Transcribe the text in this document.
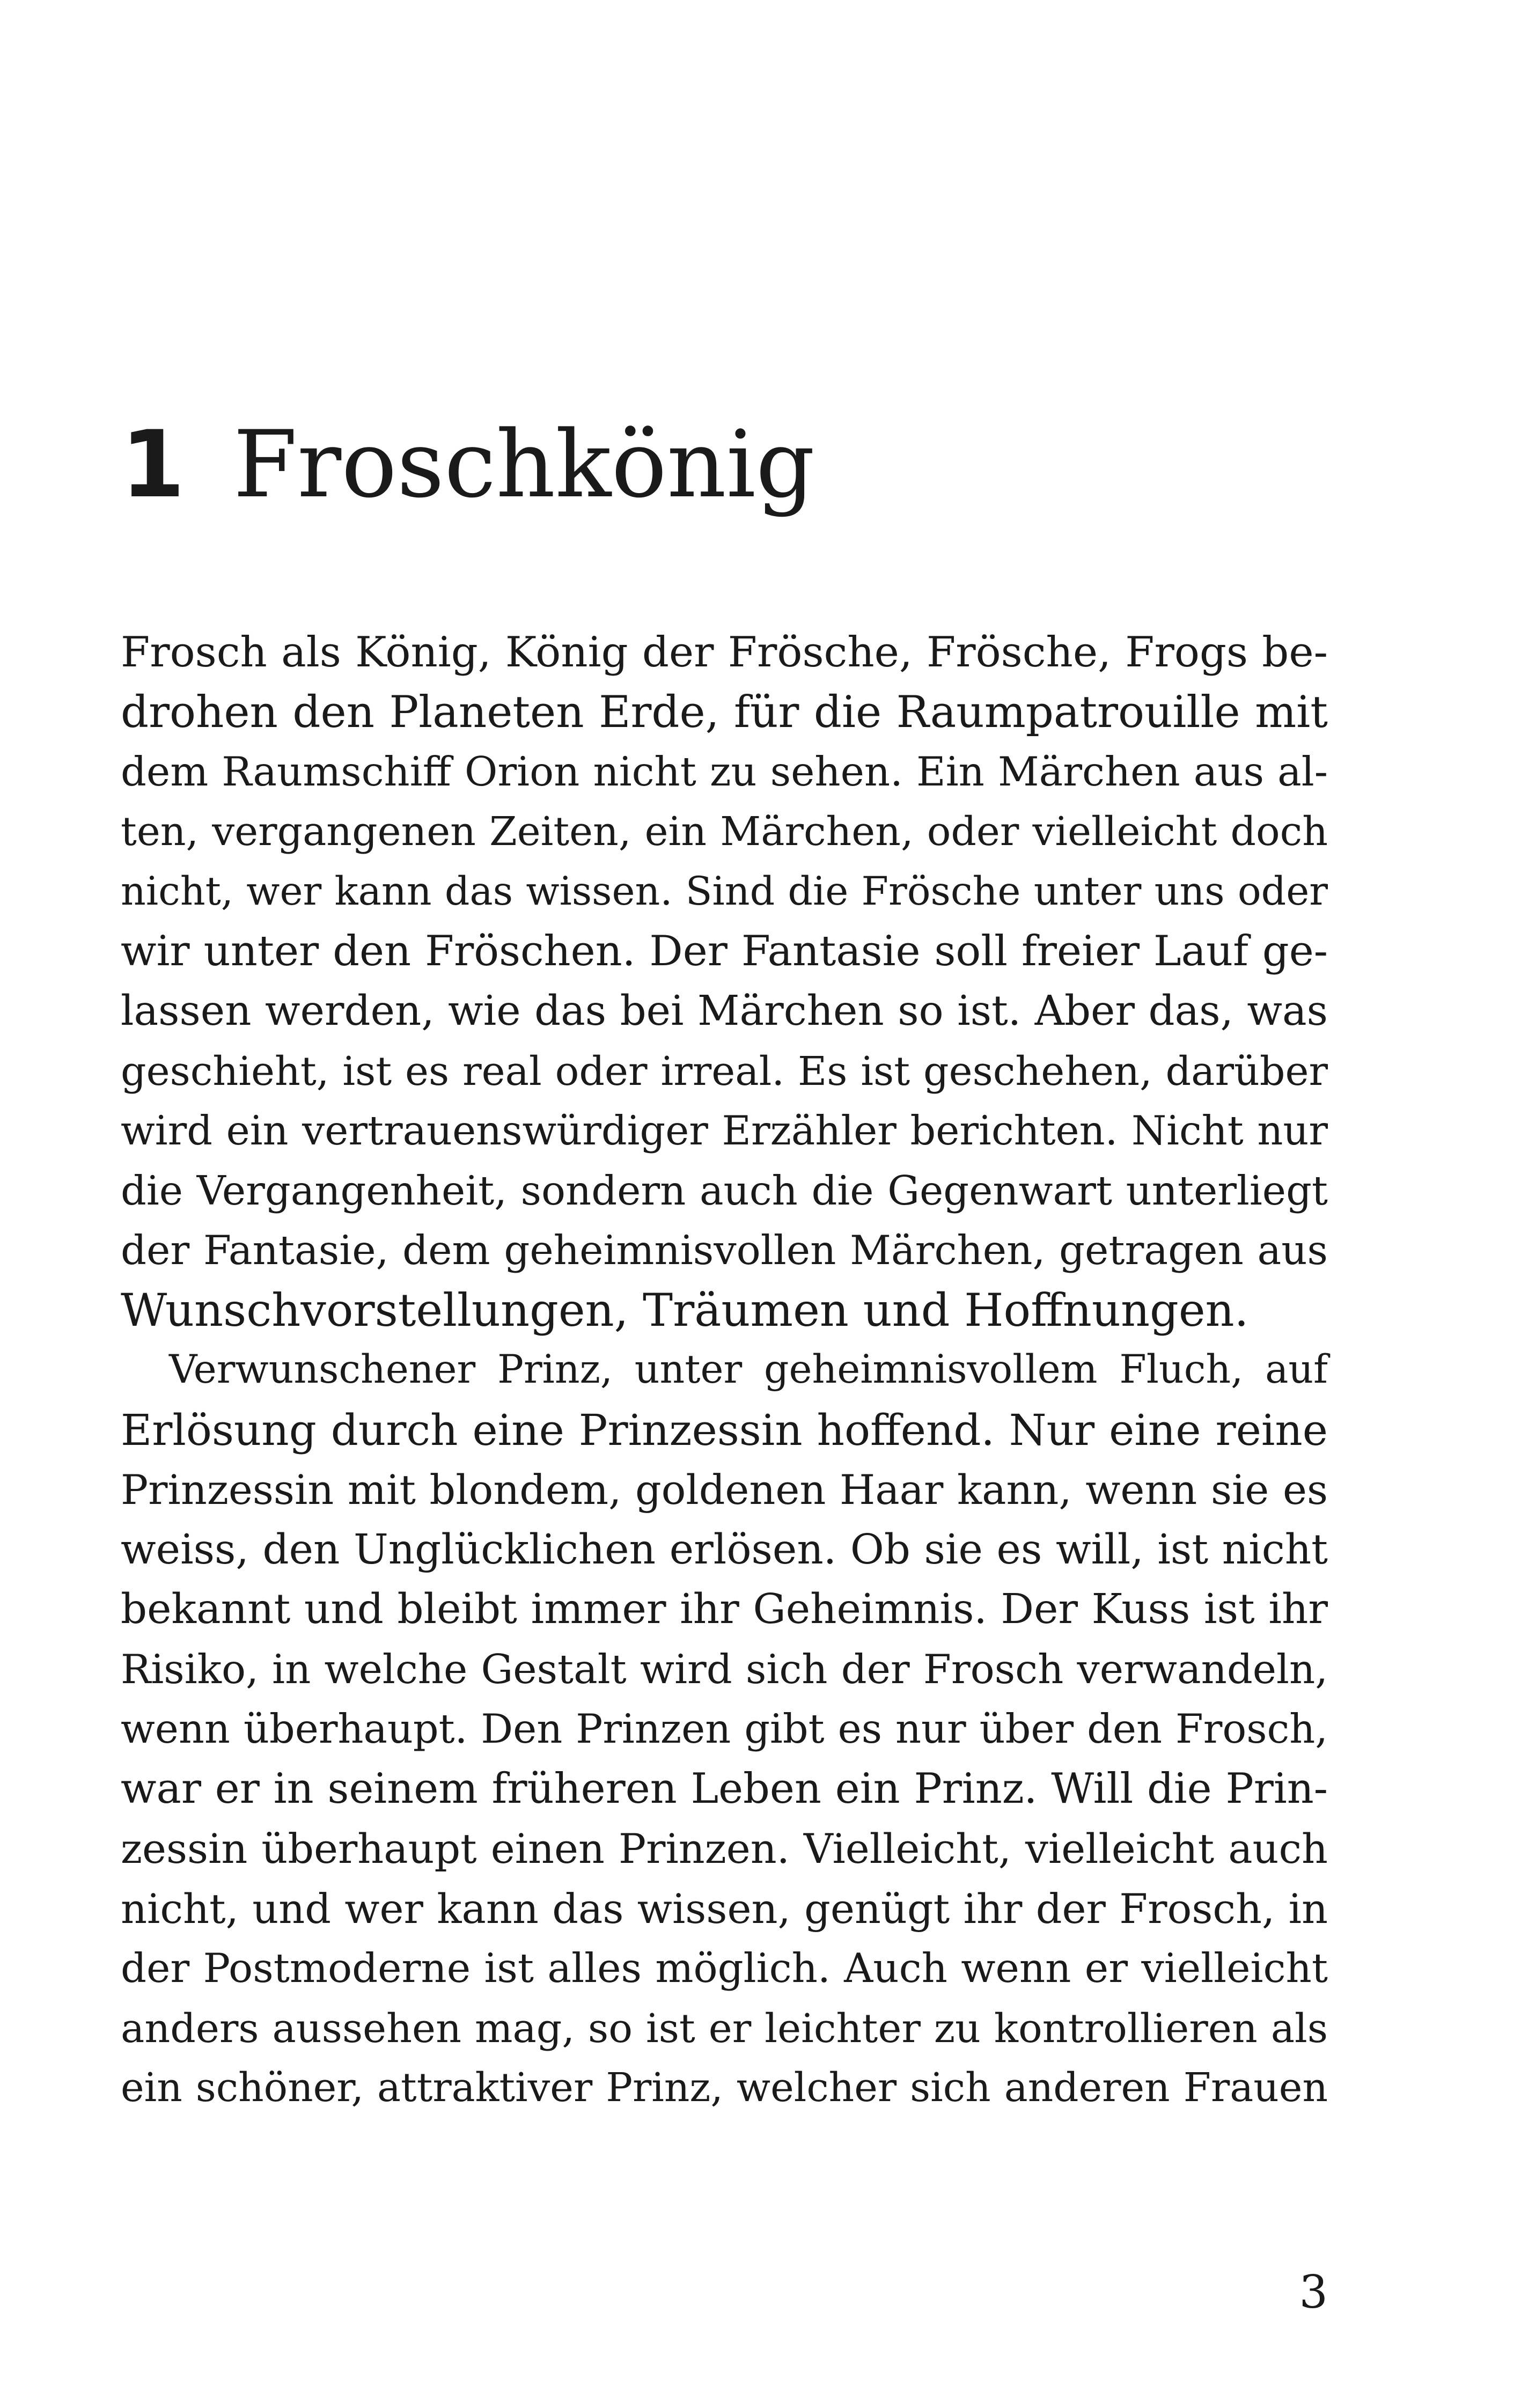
1 Froschkönig
Frosch als König, König der Frösche, Frösche, Frogs be-
drohen den Planeten Erde, für die Raumpatrouille mit
dem Raumschiff Orion nicht zu sehen. Ein Märchen aus al-
ten, vergangenen Zeiten, ein Märchen, oder vielleicht doch
nicht, wer kann das wissen. Sind die Frösche unter uns oder
wir unter den Fröschen. Der Fantasie soll freier Lauf ge-
lassen werden, wie das bei Märchen so ist. Aber das, was
geschieht, ist es real oder irreal. Es ist geschehen, darüber
wird ein vertrauenswürdiger Erzähler berichten. Nicht nur
die Vergangenheit, sondern auch die Gegenwart unterliegt
der Fantasie, dem geheimnisvollen Märchen, getragen aus
Wunschvorstellungen, Träumen und Hoffnungen.
Verwunschener Prinz, unter geheimnisvollem Fluch, auf
Erlösung durch eine Prinzessin hoffend. Nur eine reine
Prinzessin mit blondem, goldenen Haar kann, wenn sie es
weiss, den Unglücklichen erlösen. Ob sie es will, ist nicht
bekannt und bleibt immer ihr Geheimnis. Der Kuss ist ihr
Risiko, in welche Gestalt wird sich der Frosch verwandeln,
wenn überhaupt. Den Prinzen gibt es nur über den Frosch,
war er in seinem früheren Leben ein Prinz. Will die Prin-
zessin überhaupt einen Prinzen. Vielleicht, vielleicht auch
nicht, und wer kann das wissen, genügt ihr der Frosch, in
der Postmoderne ist alles möglich. Auch wenn er vielleicht
anders aussehen mag, so ist er leichter zu kontrollieren als
ein schöner, attraktiver Prinz, welcher sich anderen Frauen
3
